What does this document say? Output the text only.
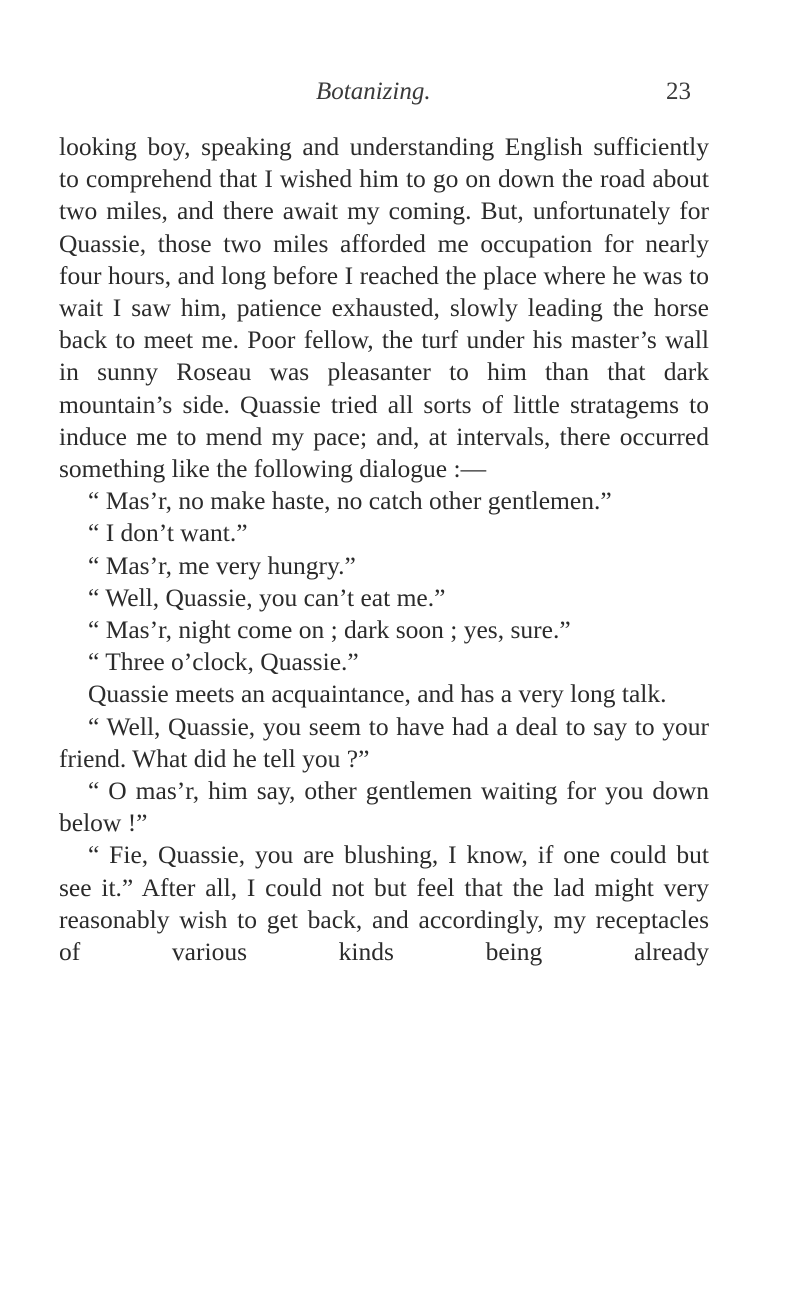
Botanizing.	23

looking boy, speaking and understanding English sufficiently to comprehend that I wished him to go on down the road about two miles, and there await my coming. But, unfortunately for Quassie, those two miles afforded me occupation for nearly four hours, and long before I reached the place where he was to wait I saw him, patience exhausted, slowly leading the horse back to meet me. Poor fellow, the turf under his master’s wall in sunny Roseau was pleasanter to him than that dark mountain’s side. Quassie tried all sorts of little stratagems to induce me to mend my pace; and, at intervals, there occurred something like the following dialogue :—

“ Mas’r, no make haste, no catch other gentlemen.”

“ I don’t want.”

“ Mas’r, me very hungry.”

“ Well, Quassie, you can’t eat me.”

“ Mas’r, night come on ; dark soon ; yes, sure.”

“ Three o’clock, Quassie.”

Quassie meets an acquaintance, and has a very long talk.

“ Well, Quassie, you seem to have had a deal to say to your friend. What did he tell you ?”

“ O mas’r, him say, other gentlemen waiting for you down below !”

“ Fie, Quassie, you are blushing, I know, if one could but see it.” After all, I could not but feel that the lad might very reasonably wish to get back, and accordingly, my receptacles of various kinds being already
